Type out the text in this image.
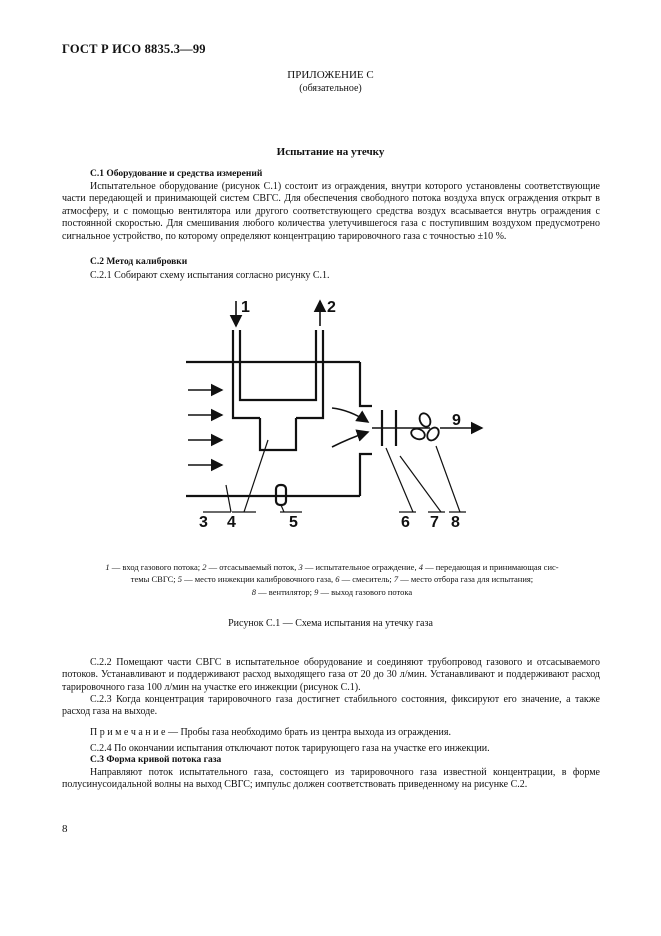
ГОСТ Р ИСО 8835.3—99
ПРИЛОЖЕНИЕ С
(обязательное)
Испытание на утечку
С.1 Оборудование и средства измерений
Испытательное оборудование (рисунок С.1) состоит из ограждения, внутри которого установлены соответствующие части передающей и принимающей систем СВГС. Для обеспечения свободного потока воздуха впуск ограждения открыт в атмосферу, и с помощью вентилятора или другого соответствующего средства воздух всасывается внутрь ограждения с постоянной скоростью. Для смешивания любого количества улетучившегося газа с поступившим воздухом предусмотрено сигнальное устройство, по которому определяют концентрацию тарировочного газа с точностью ±10 %.
С.2 Метод калибровки
С.2.1 Собирают схему испытания согласно рисунку С.1.
1	2
3 4	5	6 7 8
9
1 — вход газового потока; 2 — отсасываемый поток, 3 — испытательное ограждение, 4 — передающая и принимающая сис-
темы СВГС; 5 — место инжекции калибровочного газа, 6 — смеситель; 7 — место отбора газа для испытания;
8 — вентилятор; 9 — выход газового потока
Рисунок С.1 — Схема испытания на утечку газа
С.2.2 Помещают части СВГС в испытательное оборудование и соединяют трубопровод газового и отсасываемого потоков. Устанавливают и поддерживают расход выходящего газа от 20 до 30 л/мин. Устанавливают и поддерживают расход тарировочного газа 100 л/мин на участке его инжекции (рисунок С.1).
С.2.3 Когда концентрация тарировочного газа достигнет стабильного состояния, фиксируют его значение, а также расход газа на выходе.
П р и м е ч а н и е — Пробы газа необходимо брать из центра выхода из ограждения.
С.2.4 По окончании испытания отключают поток тарирующего газа на участке его инжекции.
С.3 Форма кривой потока газа
Направляют поток испытательного газа, состоящего из тарировочного газа известной концентрации, в форме полусинусоидальной волны на выход СВГС; импульс должен соответствовать приведенному на рисунке С.2.
8
